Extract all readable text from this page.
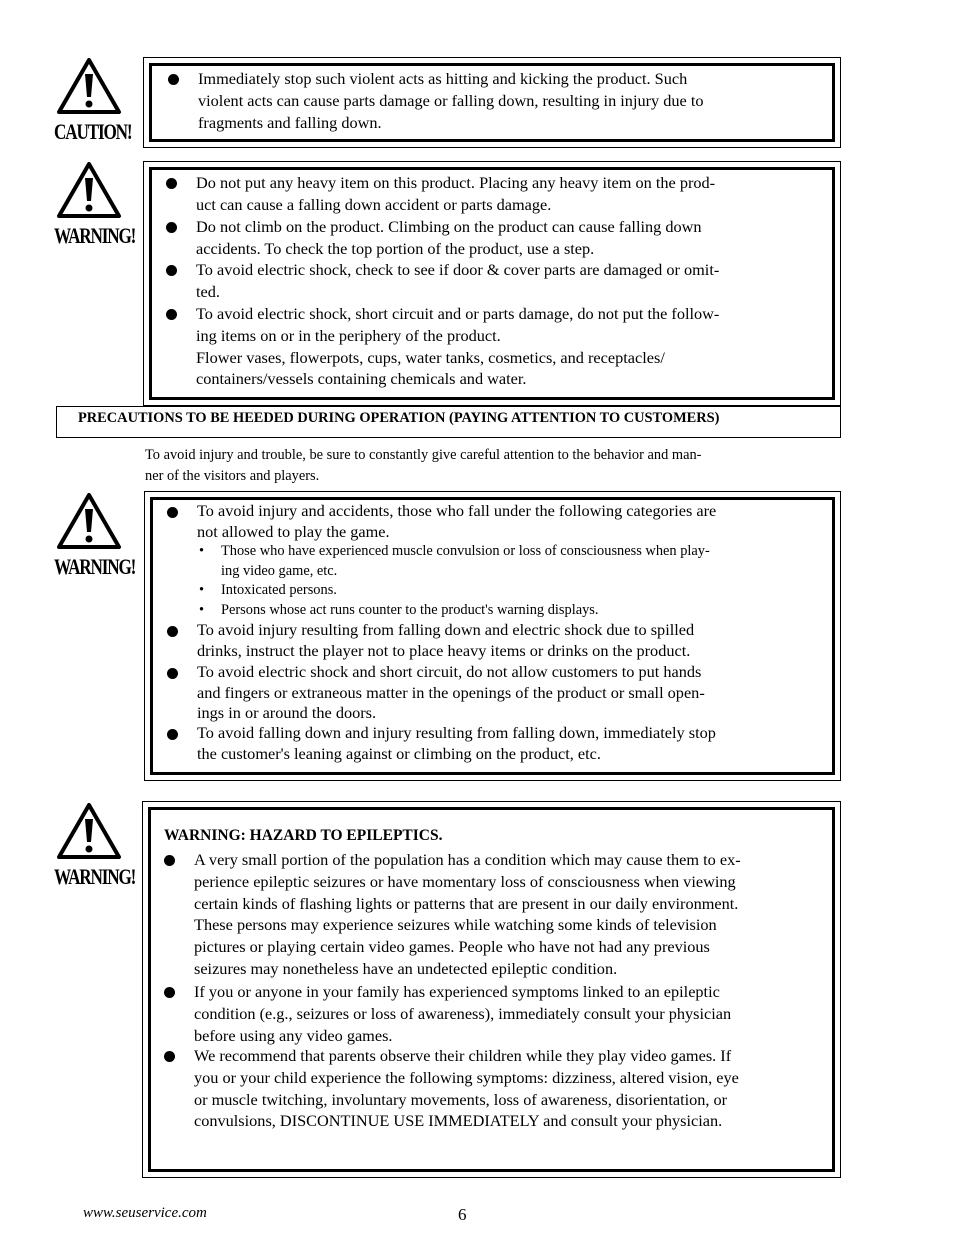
CAUTION!
WARNING!
WARNING!
WARNING!
Immediately stop such violent acts as hitting and kicking the product. Such
violent acts can cause parts damage or falling down, resulting in injury due to
fragments and falling down.
Do not put any heavy item on this product. Placing any heavy item on the prod-
uct can cause a falling down accident or parts damage.
Do not climb on the product. Climbing on the product can cause falling down
accidents. To check the top portion of the product, use a step.
To avoid electric shock, check to see if door & cover parts are damaged or omit-
ted.
To avoid electric shock, short circuit and or parts damage, do not put the follow-
ing items on or in the periphery of the product.
Flower vases, flowerpots, cups, water tanks, cosmetics, and receptacles/
containers/vessels containing chemicals and water.
PRECAUTIONS TO BE HEEDED DURING OPERATION (PAYING ATTENTION TO CUSTOMERS)
To avoid injury and trouble, be sure to constantly give careful attention to the behavior and man-
ner of the visitors and players.
To avoid injury and accidents, those who fall under the following categories are
not allowed to play the game.
• Those who have experienced muscle convulsion or loss of consciousness when play-
ing video game, etc.
• Intoxicated persons.
• Persons whose act runs counter to the product's warning displays.
To avoid injury resulting from falling down and electric shock due to spilled
drinks, instruct the player not to place heavy items or drinks on the product.
To avoid electric shock and short circuit, do not allow customers to put hands
and fingers or extraneous matter in the openings of the product or small open-
ings in or around the doors.
To avoid falling down and injury resulting from falling down, immediately stop
the customer's leaning against or climbing on the product, etc.
WARNING: HAZARD TO EPILEPTICS.
A very small portion of the population has a condition which may cause them to ex-
perience epileptic seizures or have momentary loss of consciousness when viewing
certain kinds of flashing lights or patterns that are present in our daily environment.
These persons may experience seizures while watching some kinds of television
pictures or playing certain video games. People who have not had any previous
seizures may nonetheless have an undetected epileptic condition.
If you or anyone in your family has experienced symptoms linked to an epileptic
condition (e.g., seizures or loss of awareness), immediately consult your physician
before using any video games.
We recommend that parents observe their children while they play video games. If
you or your child experience the following symptoms: dizziness, altered vision, eye
or muscle twitching, involuntary movements, loss of awareness, disorientation, or
convulsions, DISCONTINUE USE IMMEDIATELY and consult your physician.
www.seuservice.com	6
